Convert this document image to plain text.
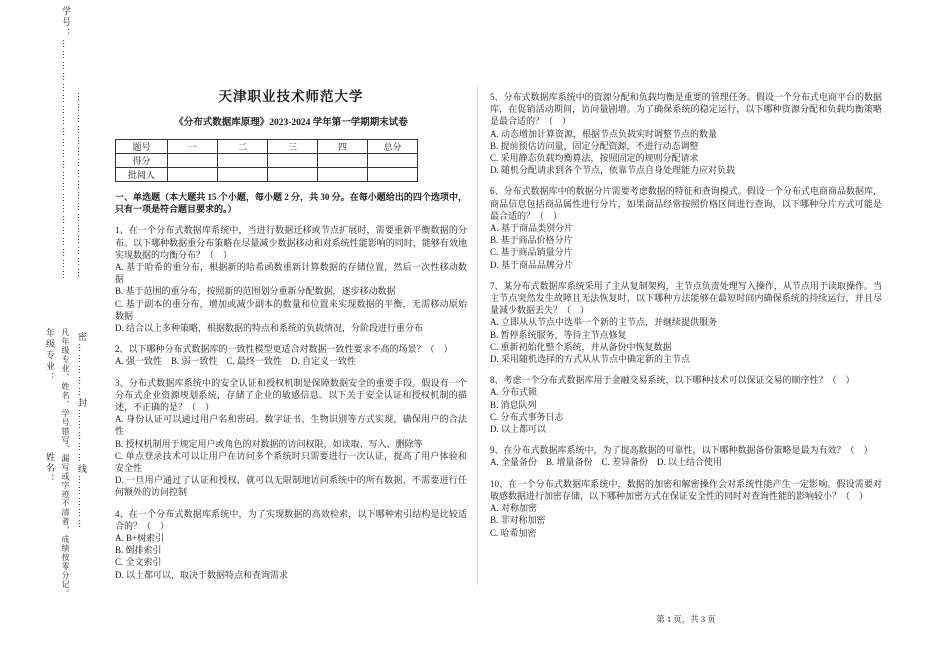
学号：………………………………………………………… ……………………………………………
年级专业： 凡年级专业、姓名、学号错写、漏写或字迹不清者，成绩按零分记。 密……………封……………线……………
姓名：
天津职业技术师范大学
《分布式数据库原理》2023-2024 学年第一学期期末试卷
题号	一	二	三	四	总分
得分					
批阅人					
一、单选题（本大题共 15 个小题，每小题 2 分，共 30 分。在每小题给出的四个选项中，只有一项是符合题目要求的。）
1、在一个分布式数据库系统中，当进行数据迁移或节点扩展时，需要重新平衡数据的分布。以下哪种数据重分布策略在尽量减少数据移动和对系统性能影响的同时，能够有效地实现数据的均衡分布？（　）
A. 基于哈希的重分布，根据新的哈希函数重新计算数据的存储位置，然后一次性移动数据
B. 基于范围的重分布，按照新的范围划分重新分配数据，逐步移动数据
C. 基于副本的重分布，增加或减少副本的数量和位置来实现数据的平衡，无需移动原始数据
D. 结合以上多种策略，根据数据的特点和系统的负载情况，分阶段进行重分布
2、以下哪种分布式数据库的一致性模型更适合对数据一致性要求不高的场景？（　）
A. 强一致性　B. 弱一致性　C. 最终一致性　D. 自定义一致性
3、分布式数据库系统中的安全认证和授权机制是保障数据安全的重要手段。假设有一个分布式企业资源规划系统，存储了企业的敏感信息。以下关于安全认证和授权机制的描述，不正确的是？（　）
A. 身份认证可以通过用户名和密码、数字证书、生物识别等方式实现，确保用户的合法性
B. 授权机制用于规定用户或角色的对数据的访问权限，如读取、写入、删除等
C. 单点登录技术可以让用户在访问多个系统时只需要进行一次认证，提高了用户体验和安全性
D. 一旦用户通过了认证和授权，就可以无限制地访问系统中的所有数据，不需要进行任何额外的访问控制
4、在一个分布式数据库系统中，为了实现数据的高效检索，以下哪种索引结构是比较适合的？（　）
A. B+树索引
B. 倒排索引
C. 全文索引
D. 以上都可以，取决于数据特点和查询需求
5、分布式数据库系统中的资源分配和负载均衡是重要的管理任务。假设一个分布式电商平台的数据库，在促销活动期间，访问量剧增。为了确保系统的稳定运行，以下哪种资源分配和负载均衡策略是最合适的？（　）
A. 动态增加计算资源，根据节点负载实时调整节点的数量
B. 提前预估访问量，固定分配资源，不进行动态调整
C. 采用静态负载均衡算法，按照固定的规则分配请求
D. 随机分配请求到各个节点，依靠节点自身处理能力应对负载
6、分布式数据库中的数据分片需要考虑数据的特征和查询模式。假设一个分布式电商商品数据库，商品信息包括商品属性进行分片，如果商品经常按照价格区间进行查询，以下哪种分片方式可能是最合适的？（　）
A. 基于商品类别分片
B. 基于商品价格分片
C. 基于商品销量分片
D. 基于商品品牌分片
7、某分布式数据库系统采用了主从复制架构，主节点负责处理写入操作，从节点用于读取操作。当主节点突然发生故障且无法恢复时，以下哪种方法能够在最短时间内确保系统的持续运行，并且尽量减少数据丢失？（　）
A. 立即从从节点中选举一个新的主节点，并继续提供服务
B. 暂停系统服务，等待主节点修复
C. 重新初始化整个系统，并从备份中恢复数据
D. 采用随机选择的方式从从节点中确定新的主节点
8、考虑一个分布式数据库用于金融交易系统，以下哪种技术可以保证交易的顺序性？（　）
A. 分布式锁
B. 消息队列
C. 分布式事务日志
D. 以上都可以
9、在分布式数据库系统中，为了提高数据的可靠性，以下哪种数据备份策略是最为有效？（　）
A. 全量备份　B. 增量备份　C. 差异备份　D. 以上结合使用
10、在一个分布式数据库系统中，数据的加密和解密操作会对系统性能产生一定影响。假设需要对敏感数据进行加密存储，以下哪种加密方式在保证安全性的同时对查询性能的影响较小？（　）
A. 对称加密
B. 非对称加密
C. 哈希加密
第 1 页，共 3 页
